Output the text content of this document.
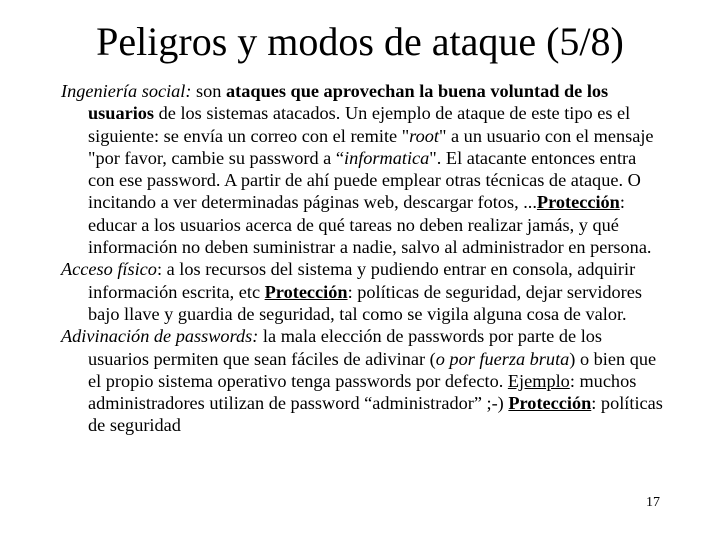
Peligros y modos de ataque (5/8)

Ingeniería social: son ataques que aprovechan la buena voluntad de los usuarios de los sistemas atacados. Un ejemplo de ataque de este tipo es el siguiente: se envía un correo con el remite "root" a un usuario con el mensaje "por favor, cambie su password a “informatica". El atacante entonces entra con ese password. A partir de ahí puede emplear otras técnicas de ataque. O incitando a ver determinadas páginas web, descargar fotos, ...Protección: educar a los usuarios acerca de qué tareas no deben realizar jamás, y qué información no deben suministrar a nadie, salvo al administrador en persona.

Acceso físico: a los recursos del sistema y pudiendo entrar en consola, adquirir información escrita, etc Protección: políticas de seguridad, dejar servidores bajo llave y guardia de seguridad, tal como se vigila alguna cosa de valor.

Adivinación de passwords: la mala elección de passwords por parte de los usuarios permiten que sean fáciles de adivinar (o por fuerza bruta) o bien que el propio sistema operativo tenga passwords por defecto. Ejemplo: muchos administradores utilizan de password “administrador” ;-) Protección: políticas de seguridad

17
